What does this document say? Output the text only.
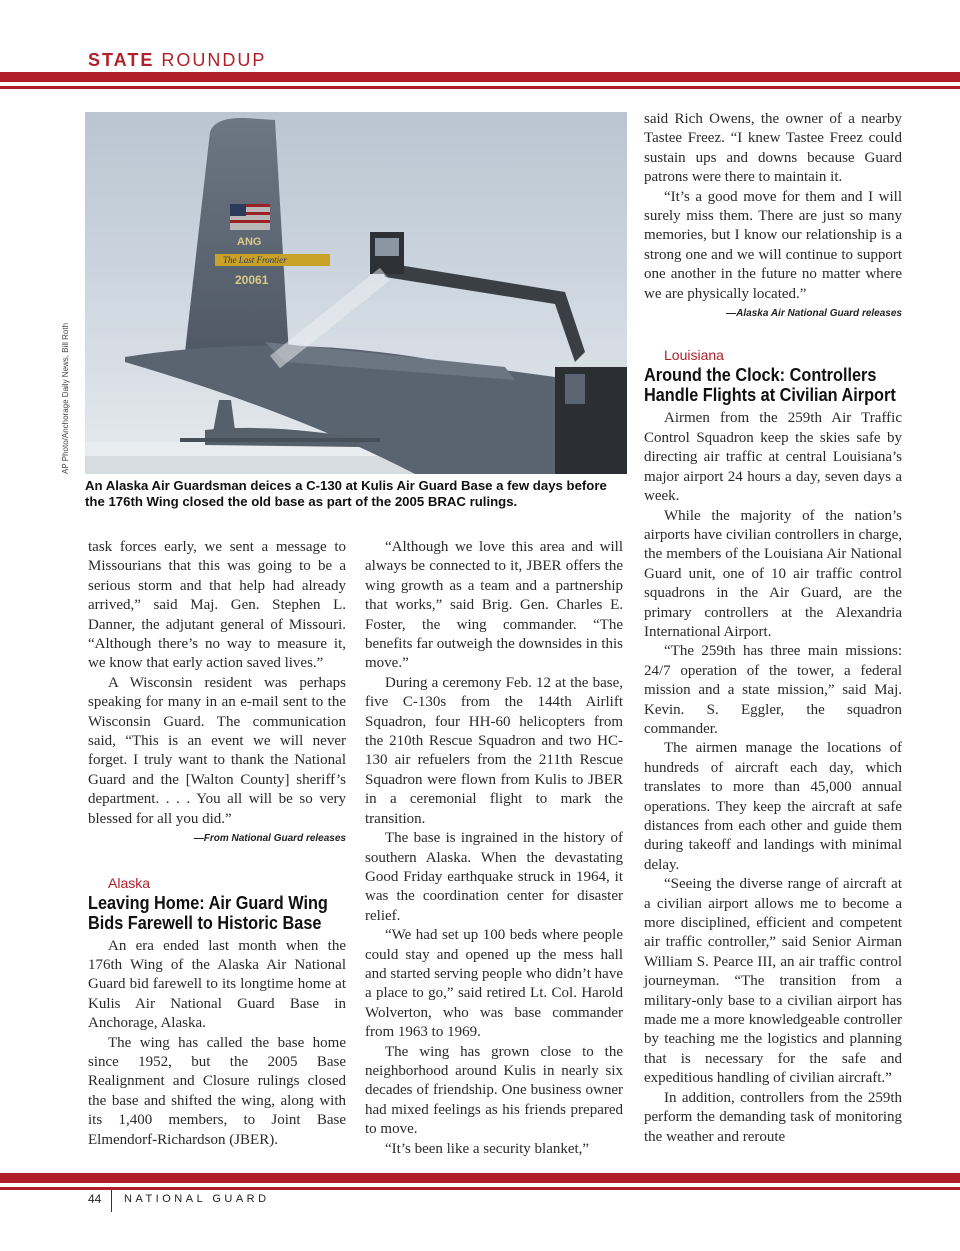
STATE ROUNDUP
ANG
The Last Frontier
20061
AP Photo/Anchorage Daily News, Bill Roth
An Alaska Air Guardsman deices a C-130 at Kulis Air Guard Base a few days before the 176th Wing closed the old base as part of the 2005 BRAC rulings.

task forces early, we sent a message to Missourians that this was going to be a serious storm and that help had already arrived,” said Maj. Gen. Stephen L. Danner, the adjutant general of Missouri. “Although there’s no way to measure it, we know that early action saved lives.”

A Wisconsin resident was perhaps speaking for many in an e-mail sent to the Wisconsin Guard. The communication said, “This is an event we will never forget. I truly want to thank the National Guard and the [Walton County] sheriff’s department. . . . You all will be so very blessed for all you did.”

—From National Guard releases

Alaska

Leaving Home: Air Guard Wing Bids Farewell to Historic Base

An era ended last month when the 176th Wing of the Alaska Air National Guard bid farewell to its longtime home at Kulis Air National Guard Base in Anchorage, Alaska.

The wing has called the base home since 1952, but the 2005 Base Realignment and Closure rulings closed the base and shifted the wing, along with its 1,400 members, to Joint Base Elmendorf-Richardson (JBER).

“Although we love this area and will always be connected to it, JBER offers the wing growth as a team and a partnership that works,” said Brig. Gen. Charles E. Foster, the wing commander. “The benefits far outweigh the downsides in this move.”

During a ceremony Feb. 12 at the base, five C-130s from the 144th Airlift Squadron, four HH-60 helicopters from the 210th Rescue Squadron and two HC-130 air refuelers from the 211th Rescue Squadron were flown from Kulis to JBER in a ceremonial flight to mark the transition.

The base is ingrained in the history of southern Alaska. When the devastating Good Friday earthquake struck in 1964, it was the coordination center for disaster relief.

“We had set up 100 beds where people could stay and opened up the mess hall and started serving people who didn’t have a place to go,” said retired Lt. Col. Harold Wolverton, who was base commander from 1963 to 1969.

The wing has grown close to the neighborhood around Kulis in nearly six decades of friendship. One business owner had mixed feelings as his friends prepared to move.

“It’s been like a security blanket,”

said Rich Owens, the owner of a nearby Tastee Freez. “I knew Tastee Freez could sustain ups and downs because Guard patrons were there to maintain it.

“It’s a good move for them and I will surely miss them. There are just so many memories, but I know our relationship is a strong one and we will continue to support one another in the future no matter where we are physically located.”

—Alaska Air National Guard releases

Louisiana

Around the Clock: Controllers Handle Flights at Civilian Airport

Airmen from the 259th Air Traffic Control Squadron keep the skies safe by directing air traffic at central Louisiana’s major airport 24 hours a day, seven days a week.

While the majority of the nation’s airports have civilian controllers in charge, the members of the Louisiana Air National Guard unit, one of 10 air traffic control squadrons in the Air Guard, are the primary controllers at the Alexandria International Airport.

“The 259th has three main missions: 24/7 operation of the tower, a federal mission and a state mission,” said Maj. Kevin. S. Eggler, the squadron commander.

The airmen manage the locations of hundreds of aircraft each day, which translates to more than 45,000 annual operations. They keep the aircraft at safe distances from each other and guide them during takeoff and landings with minimal delay.

“Seeing the diverse range of aircraft at a civilian airport allows me to become a more disciplined, efficient and competent air traffic controller,” said Senior Airman William S. Pearce III, an air traffic control journeyman. “The transition from a military-only base to a civilian airport has made me a more knowledgeable controller by teaching me the logistics and planning that is necessary for the safe and expeditious handling of civilian aircraft.”

In addition, controllers from the 259th perform the demanding task of monitoring the weather and reroute

44 NATIONAL GUARD
